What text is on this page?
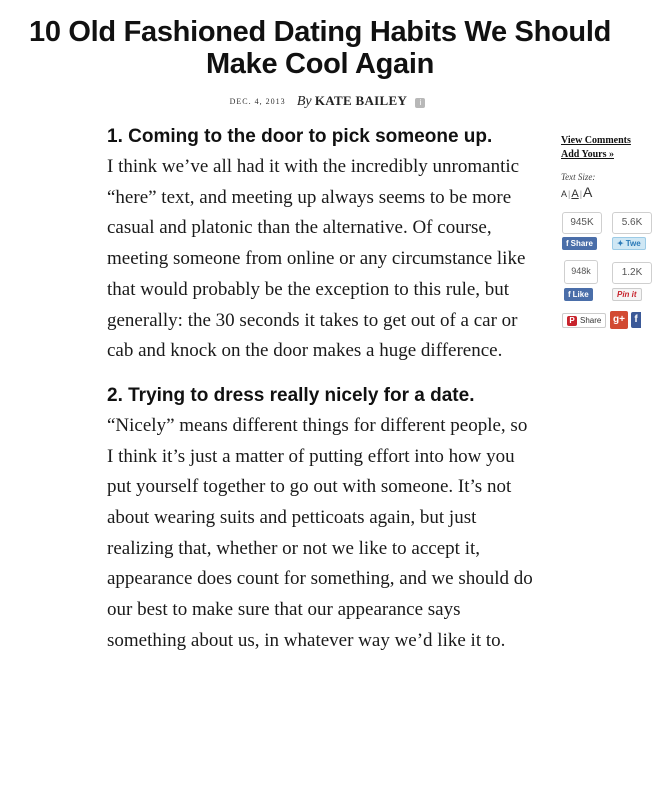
10 Old Fashioned Dating Habits We Should Make Cool Again
DEC. 4, 2013 By KATE BAILEY i
1. Coming to the door to pick someone up.

I think we’ve all had it with the incredibly unromantic “here” text, and meeting up always seems to be more casual and platonic than the alternative. Of course, meeting someone from online or any circumstance like that would probably be the exception to this rule, but generally: the 30 seconds it takes to get out of a car or cab and knock on the door makes a huge difference.

2. Trying to dress really nicely for a date.

“Nicely” means different things for different people, so I think it’s just a matter of putting effort into how you put yourself together to go out with someone. It’s not about wearing suits and petticoats again, but just realizing that, whether or not we like to accept it, appearance does count for something, and we should do our best to make sure that our appearance says something about us, in whatever way we’d like it to.

View Comments
Add Yours »
Text Size:
A|A|A
945K
f Share
5.6K
✦ Twe
948k
f Like
1.2K
Pin it
P Share	g+ f
